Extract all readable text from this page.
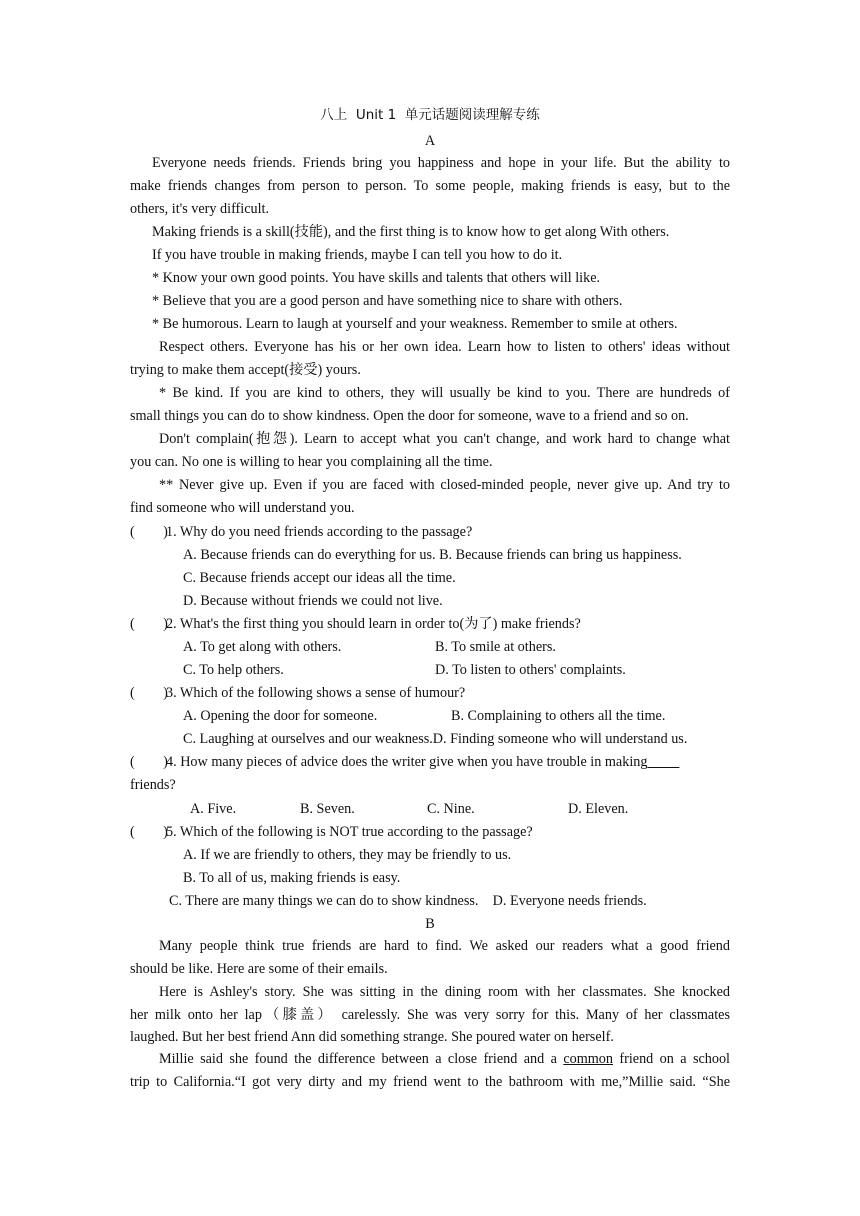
八上  Unit 1  单元话题阅读理解专练
A
Everyone needs friends. Friends bring you happiness and hope in your life. But the ability to
make friends changes from person to person. To some people, making friends is easy, but to the
others, it's very difficult.
Making friends is a skill(技能), and the first thing is to know how to get along With others.
If you have trouble in making friends, maybe I can tell you how to do it.
* Know your own good points. You have skills and talents that others will like.
* Believe that you are a good person and have something nice to share with others.
* Be humorous. Learn to laugh at yourself and your weakness. Remember to smile at others.
Respect others. Everyone has his or her own idea. Learn how to listen to others' ideas without
trying to make them accept(接受) yours.
* Be kind. If you are kind to others, they will usually be kind to you. There are hundreds of
small things you can do to show kindness. Open the door for someone, wave to a friend and so on.
Don't complain(抱怨). Learn to accept what you can't change, and work hard to change what
you can. No one is willing to hear you complaining all the time.
** Never give up. Even if you are faced with closed-minded people, never give up. And try to
find someone who will understand you.
(        )
1. Why do you need friends according to the passage?
A. Because friends can do everything for us. B. Because friends can bring us happiness.
C. Because friends accept our ideas all the time.
D. Because without friends we could not live.
(        )
2. What's the first thing you should learn in order to(为了) make friends?
A. To get along with others.	B. To smile at others.
C. To help others.	D. To listen to others' complaints.
(        )
3. Which of the following shows a sense of humour?
A. Opening the door for someone.	B. Complaining to others all the time.
C. Laughing at ourselves and our weakness.D. Finding someone who will understand us.
(        )
4. How many pieces of advice does the writer give when you have trouble in making
friends?
A. Five.	B. Seven.	C. Nine.	D. Eleven.
(        )
5. Which of the following is NOT true according to the passage?
A. If we are friendly to others, they may be friendly to us.
B. To all of us, making friends is easy.
C. There are many things we can do to show kindness.    D. Everyone needs friends.
B
Many people think true friends are hard to find. We asked our readers what a good friend
should be like. Here are some of their emails.
Here is Ashley's story. She was sitting in the dining room with her classmates. She knocked
her milk onto her lap（膝盖） carelessly. She was very sorry for this. Many of her classmates
laughed. But her best friend Ann did something strange. She poured water on herself.
Millie said she found the difference between a close friend and a common friend on a school
trip to California.“I got very dirty and my friend went to the bathroom with me,”Millie said. “She
